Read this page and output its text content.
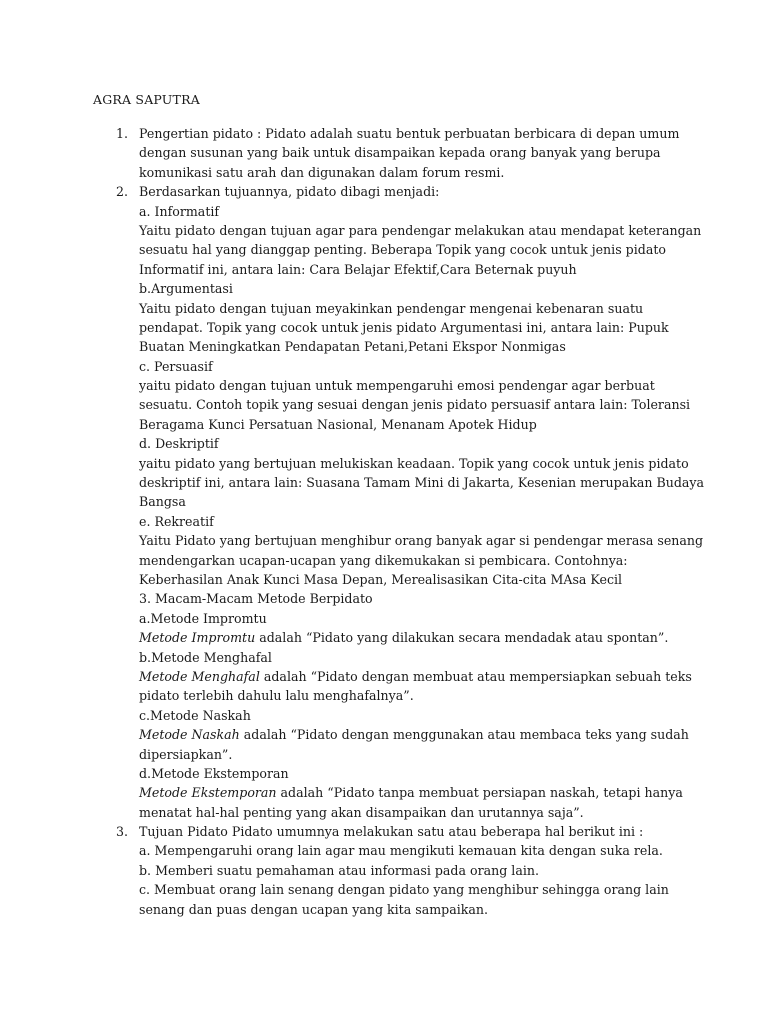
AGRA SAPUTRA
1. Pengertian pidato : Pidato adalah suatu bentuk perbuatan berbicara di depan umum
dengan susunan yang baik untuk disampaikan kepada orang banyak yang berupa
komunikasi satu arah dan digunakan dalam forum resmi.
2. Berdasarkan tujuannya, pidato dibagi menjadi:
a. Informatif
Yaitu pidato dengan tujuan agar para pendengar melakukan atau mendapat keterangan
sesuatu hal yang dianggap penting. Beberapa Topik yang cocok untuk jenis pidato
Informatif ini, antara lain: Cara Belajar Efektif,Cara Beternak puyuh
b.Argumentasi
Yaitu pidato dengan tujuan meyakinkan pendengar mengenai kebenaran suatu
pendapat. Topik yang cocok untuk jenis pidato Argumentasi ini, antara lain: Pupuk
Buatan Meningkatkan Pendapatan Petani,Petani Ekspor Nonmigas
c. Persuasif
yaitu pidato dengan tujuan untuk mempengaruhi emosi pendengar agar berbuat
sesuatu. Contoh topik yang sesuai dengan jenis pidato persuasif antara lain: Toleransi
Beragama Kunci Persatuan Nasional, Menanam Apotek Hidup
d. Deskriptif
yaitu pidato yang bertujuan melukiskan keadaan. Topik yang cocok untuk jenis pidato
deskriptif ini, antara lain: Suasana Tamam Mini di Jakarta, Kesenian merupakan Budaya
Bangsa
e. Rekreatif
Yaitu Pidato yang bertujuan menghibur orang banyak agar si pendengar merasa senang
mendengarkan ucapan-ucapan yang dikemukakan si pembicara. Contohnya:
Keberhasilan Anak Kunci Masa Depan, Merealisasikan Cita-cita MAsa Kecil
3. Macam-Macam Metode Berpidato
a.Metode Impromtu
Metode Impromtu adalah “Pidato yang dilakukan secara mendadak atau spontan”.
b.Metode Menghafal
Metode Menghafal adalah “Pidato dengan membuat atau mempersiapkan sebuah teks
pidato terlebih dahulu lalu menghafalnya”.
c.Metode Naskah
Metode Naskah adalah “Pidato dengan menggunakan atau membaca teks yang sudah
dipersiapkan”.
d.Metode Ekstemporan
Metode Ekstemporan adalah “Pidato tanpa membuat persiapan naskah, tetapi hanya
menatat hal-hal penting yang akan disampaikan dan urutannya saja”.
3. Tujuan Pidato Pidato umumnya melakukan satu atau beberapa hal berikut ini :
a. Mempengaruhi orang lain agar mau mengikuti kemauan kita dengan suka rela.
b. Memberi suatu pemahaman atau informasi pada orang lain.
c. Membuat orang lain senang dengan pidato yang menghibur sehingga orang lain
senang dan puas dengan ucapan yang kita sampaikan.
